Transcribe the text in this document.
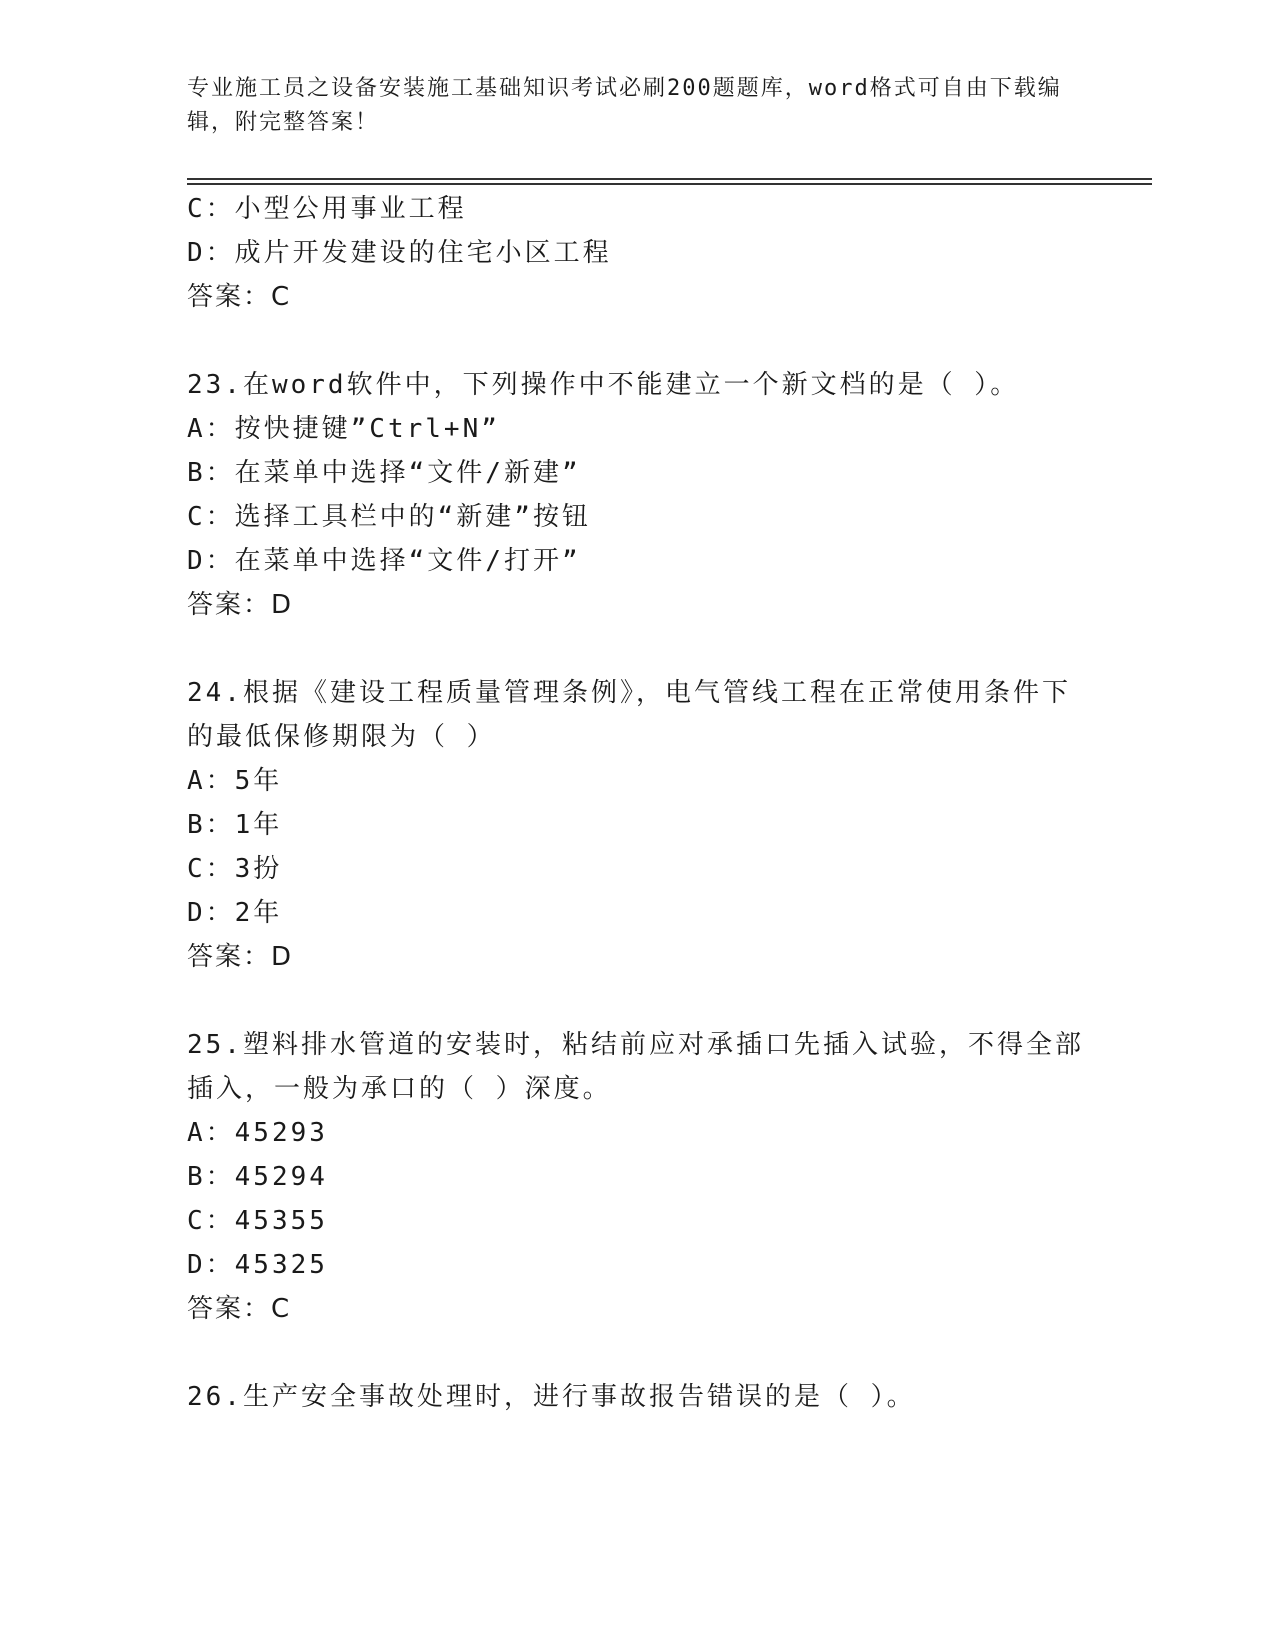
专业施工员之设备安装施工基础知识考试必刷200题题库，word格式可自由下载编辑，附完整答案！
C：小型公用事业工程
D：成片开发建设的住宅小区工程
答案：C
23.在word软件中，下列操作中不能建立一个新文档的是（ ）。
A：按快捷键”Ctrl+N”
B：在菜单中选择“文件/新建”
C：选择工具栏中的“新建”按钮
D：在菜单中选择“文件/打开”
答案：D
24.根据《建设工程质量管理条例》，电气管线工程在正常使用条件下
的最低保修期限为（ ）
A：5年
B：1年
C：3扮
D：2年
答案：D
25.塑料排水管道的安装时，粘结前应对承插口先插入试验，不得全部
插入，一般为承口的（ ）深度。
A：45293
B：45294
C：45355
D：45325
答案：C
26.生产安全事故处理时，进行事故报告错误的是（ ）。
